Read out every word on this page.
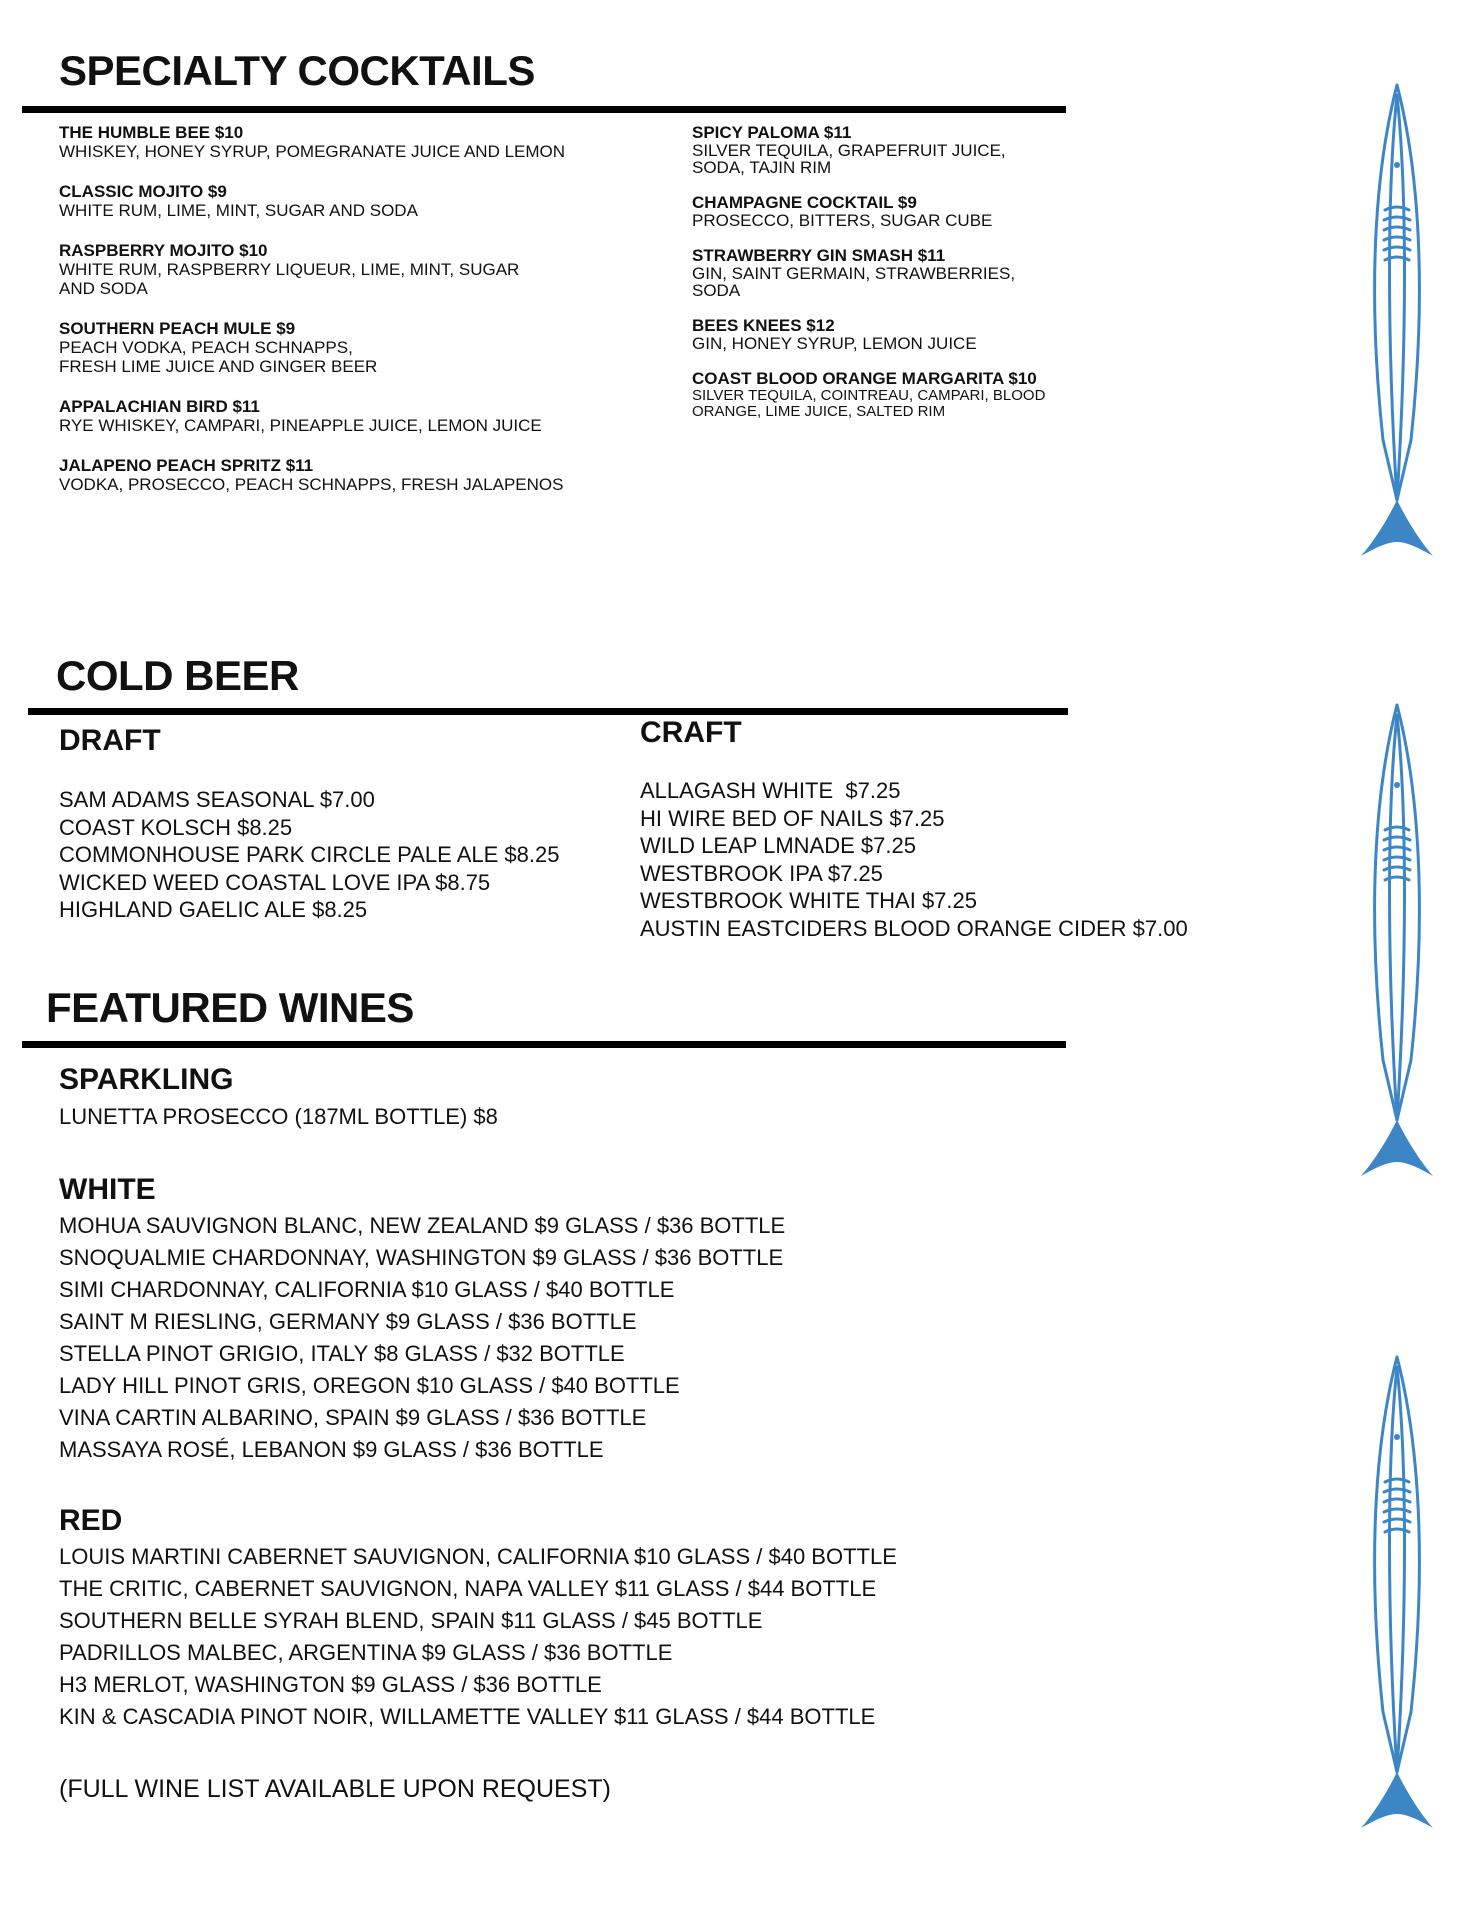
SPECIALTY COCKTAILS
THE HUMBLE BEE $10
WHISKEY, HONEY SYRUP, POMEGRANATE JUICE AND LEMON
CLASSIC MOJITO $9
WHITE RUM, LIME, MINT, SUGAR AND SODA
RASPBERRY MOJITO $10
WHITE RUM, RASPBERRY LIQUEUR, LIME, MINT, SUGAR
AND SODA
SOUTHERN PEACH MULE $9
PEACH VODKA, PEACH SCHNAPPS,
FRESH LIME JUICE AND GINGER BEER
APPALACHIAN BIRD $11
RYE WHISKEY, CAMPARI, PINEAPPLE JUICE, LEMON JUICE
JALAPENO PEACH SPRITZ $11
VODKA, PROSECCO, PEACH SCHNAPPS, FRESH JALAPENOS
SPICY PALOMA $11
SILVER TEQUILA, GRAPEFRUIT JUICE,
SODA, TAJIN RIM
CHAMPAGNE COCKTAIL $9
PROSECCO, BITTERS, SUGAR CUBE
STRAWBERRY GIN SMASH $11
GIN, SAINT GERMAIN, STRAWBERRIES,
SODA
BEES KNEES $12
GIN, HONEY SYRUP, LEMON JUICE
COAST BLOOD ORANGE MARGARITA $10
SILVER TEQUILA, COINTREAU, CAMPARI, BLOOD
ORANGE, LIME JUICE, SALTED RIM
COLD BEER
DRAFT
SAM ADAMS SEASONAL $7.00
COAST KOLSCH $8.25
COMMONHOUSE PARK CIRCLE PALE ALE $8.25
WICKED WEED COASTAL LOVE IPA $8.75
HIGHLAND GAELIC ALE $8.25
CRAFT
ALLAGASH WHITE  $7.25
HI WIRE BED OF NAILS $7.25
WILD LEAP LMNADE $7.25
WESTBROOK IPA $7.25
WESTBROOK WHITE THAI $7.25
AUSTIN EASTCIDERS BLOOD ORANGE CIDER $7.00
FEATURED WINES
SPARKLING
LUNETTA PROSECCO (187ML BOTTLE) $8
WHITE
MOHUA SAUVIGNON BLANC, NEW ZEALAND $9 GLASS / $36 BOTTLE
SNOQUALMIE CHARDONNAY, WASHINGTON $9 GLASS / $36 BOTTLE
SIMI CHARDONNAY, CALIFORNIA $10 GLASS / $40 BOTTLE
SAINT M RIESLING, GERMANY $9 GLASS / $36 BOTTLE
STELLA PINOT GRIGIO, ITALY $8 GLASS / $32 BOTTLE
LADY HILL PINOT GRIS, OREGON $10 GLASS / $40 BOTTLE
VINA CARTIN ALBARINO, SPAIN $9 GLASS / $36 BOTTLE
MASSAYA ROSÉ, LEBANON $9 GLASS / $36 BOTTLE
RED
LOUIS MARTINI CABERNET SAUVIGNON, CALIFORNIA $10 GLASS / $40 BOTTLE
THE CRITIC, CABERNET SAUVIGNON, NAPA VALLEY $11 GLASS / $44 BOTTLE
SOUTHERN BELLE SYRAH BLEND, SPAIN $11 GLASS / $45 BOTTLE
PADRILLOS MALBEC, ARGENTINA $9 GLASS / $36 BOTTLE
H3 MERLOT, WASHINGTON $9 GLASS / $36 BOTTLE
KIN & CASCADIA PINOT NOIR, WILLAMETTE VALLEY $11 GLASS / $44 BOTTLE
(FULL WINE LIST AVAILABLE UPON REQUEST)
